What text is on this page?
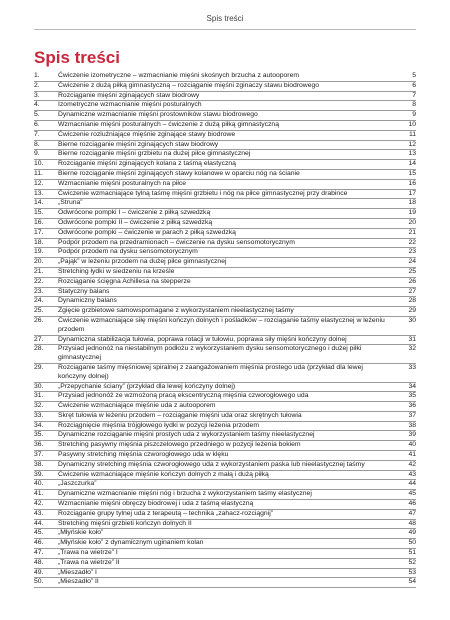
Spis treści
Spis treści
1.	Ćwiczenie izometryczne – wzmacnianie mięśni skośnych brzucha z autooporem	5
2.	Ćwiczenie z dużą piłką gimnastyczną – rozciąganie mięśni zginaczy stawu biodrowego	6
3.	Rozciąganie mięśni zginających staw biodrowy	7
4.	Izometryczne wzmacnianie mięśni posturalnych	8
5.	Dynamiczne wzmacnianie mięśni prostowników stawu biodrowego	9
6.	Wzmacnianie mięśni posturalnych – ćwiczenie z dużą piłką gimnastyczną	10
7.	Ćwiczenie rozluźniające mięśnie zginające stawy biodrowe	11
8.	Bierne rozciąganie mięśni zginających staw biodrowy	12
9.	Bierne rozciąganie mięśni grzbietu na dużej piłce gimnastycznej	13
10.	Rozciąganie mięśni zginających kolana z taśmą elastyczną	14
11.	Bierne rozciąganie mięśni zginających stawy kolanowe w oparciu nóg na ścianie	15
12.	Wzmacnianie mięśni posturalnych na piłce	16
13.	Ćwiczenie wzmacniające tylną taśmę mięśni grzbietu i nóg na piłce gimnastycznej przy drabince	17
14.	„Struna”	18
15.	Odwrócone pompki I – ćwiczenie z piłką szwedzką	19
16.	Odwrócone pompki II – ćwiczenie z piłką szwedzką	20
17.	Odwrócone pompki – ćwiczenie w parach z piłką szwedzką	21
18.	Podpór przodem na przedramionach – ćwiczenie na dysku sensomotorycznym	22
19.	Podpór przodem na dysku sensomotorycznym	23
20.	„Pająk” w leżeniu przodem na dużej piłce gimnastycznej	24
21.	Stretching łydki w siedzeniu na krześle	25
22.	Rozciąganie ścięgna Achillesa na stepperze	26
23.	Statyczny balans	27
24.	Dynamiczny balans	28
25.	Zgięcie grzbietowe samowspomagane z wykorzystaniem nieelastycznej taśmy	29
26.	Ćwiczenie wzmacniające siłę mięśni kończyn dolnych i pośladków – rozciąganie taśmy elastycznej w leżeniu przodem
30
27.	Dynamiczna stabilizacja tułowia, poprawa rotacji w tułowiu, poprawa siły mięśni kończyny dolnej	31
28.	Przysiad jednonóż na niestabilnym podłożu z wykorzystaniem dysku sensomotorycznego i dużej piłki gimnastycznej
32
29.	Rozciąganie taśmy mięśniowej spiralnej z zaangażowaniem mięśnia prostego uda (przykład dla lewej kończyny dolnej)
33
30.	„Przepychanie ściany” (przykład dla lewej kończyny dolnej)	34
31.	Przysiad jednonóż ze wzmożoną pracą ekscentryczną mięśnia czworogłowego uda	35
32.	Ćwiczenie wzmacniające mięśnie uda z autooporem	36
33.	Skręt tułowia w leżeniu przodem – rozciąganie mięśni uda oraz skrętnych tułowia	37
34.	Rozciągnięcie mięśnia trójgłowego łydki w pozycji leżenia przodem	38
35.	Dynamiczne rozciąganie mięśni prostych uda z wykorzystaniem taśmy nieelastycznej	39
36.	Stretching pasywny mięśnia piszczelowego przedniego w pozycji leżenia bokiem	40
37.	Pasywny stretching mięśnia czworogłowego uda w klęku	41
38.	Dynamiczny stretching mięśnia czworogłowego uda z wykorzystaniem paska lub nieelastycznej taśmy	42
39.	Ćwiczenie wzmacniające mięśnie kończyn dolnych z małą i dużą piłką	43
40.	„Jaszczurka”	44
41.	Dynamiczne wzmacnianie mięśni nóg i brzucha z wykorzystaniem taśmy elastycznej	45
42.	Wzmacnianie mięśni obręczy biodrowej i uda z taśmą elastyczną	46
43.	Rozciąganie grupy tylnej uda z terapeutą – technika „zahacz-rozciągnij”	47
44.	Stretching mięśni grzbieti kończyn dolnych II	48
45.	„Młyńskie koło”	49
46.	„Młyńskie koło” z dynamicznym uginaniem kolan	50
47.	„Trawa na wietrze” I	51
48.	„Trawa na wietrze” II	52
49.	„Mieszadło” I	53
50.	„Mieszadło” II	54
